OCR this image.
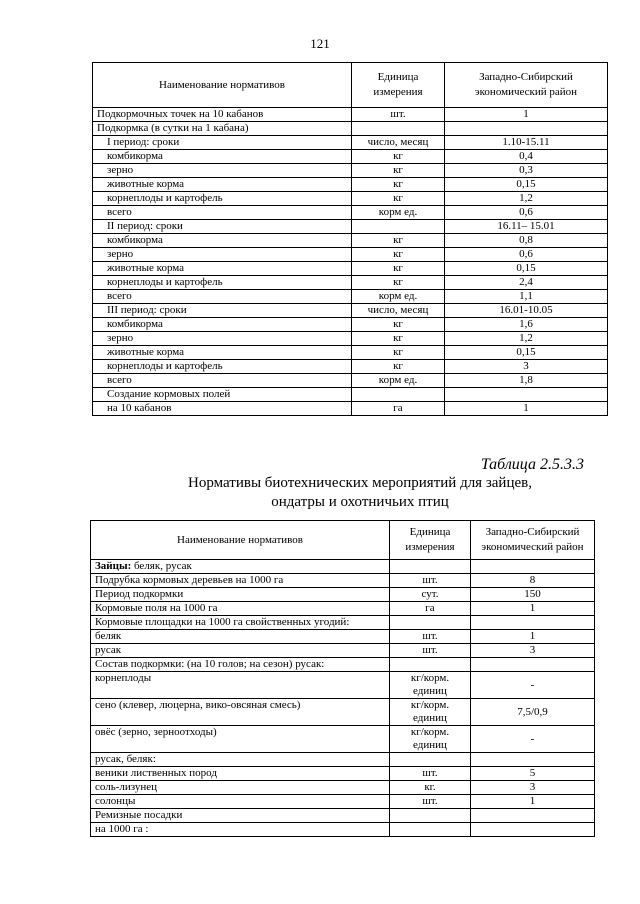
121
Наименование нормативов	Единица измерения	Западно-Сибирский экономический район
Подкормочных точек на 10 кабанов	шт.	1
Подкормка (в сутки на 1 кабана)		
I период: сроки	число, месяц	1.10-15.11
комбикорма	кг	0,4
зерно	кг	0,3
животные корма	кг	0,15
корнеплоды и картофель	кг	1,2
всего	корм ед.	0,6
II период: сроки		16.11– 15.01
комбикорма	кг	0,8
зерно	кг	0,6
животные корма	кг	0,15
корнеплоды и картофель	кг	2,4
всего	корм ед.	1,1
III период: сроки	число, месяц	16.01-10.05
комбикорма	кг	1,6
зерно	кг	1,2
животные корма	кг	0,15
корнеплоды и картофель	кг	3
всего	корм ед.	1,8
Создание кормовых полей		
на 10 кабанов	га	1
Таблица 2.5.3.3
Нормативы биотехнических мероприятий для зайцев,
ондатры и охотничьих птиц
Наименование нормативов	Единица измерения	Западно-Сибирский экономический район
Зайцы: беляк, русак		
Подрубка кормовых деревьев на 1000 га	шт.	8
Период подкормки	сут.	150
Кормовые поля на 1000 га	га	1
Кормовые площадки на 1000 га свойственных угодий:		
беляк	шт.	1
русак	шт.	3
Состав подкормки: (на 10 голов; на сезон) русак:		
корнеплоды	кг/корм. единиц	-
сено (клевер, люцерна, вико-овсяная смесь)	кг/корм. единиц	7,5/0,9
овёс (зерно, зерноотходы)	кг/корм. единиц	-
русак, беляк:		
веники лиственных пород	шт.	5
соль-лизунец	кг.	3
солонцы	шт.	1
Ремизные посадки		
на 1000 га :		
